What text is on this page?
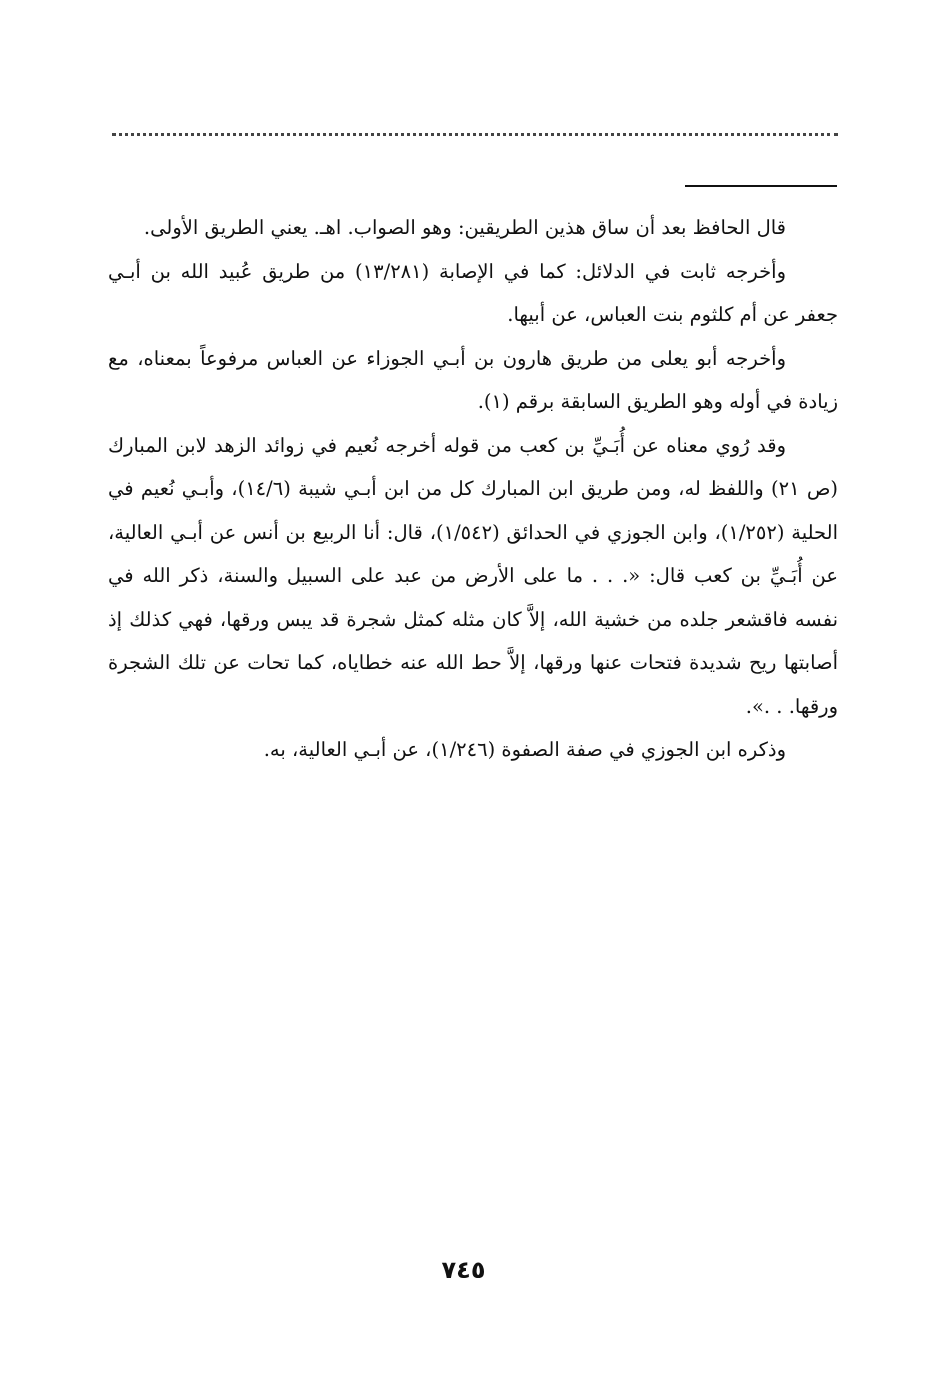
قال الحافظ بعد أن ساق هذين الطريقين: وهو الصواب. اهـ. يعني الطريق الأولى.

وأخرجه ثابت في الدلائل: كما في الإصابة (١٣/٢٨١) من طريق عُبيد الله بن أبـي جعفر عن أم كلثوم بنت العباس، عن أبيها.

وأخرجه أبو يعلى من طريق هارون بن أبـي الجوزاء عن العباس مرفوعاً بمعناه، مع زيادة في أوله وهو الطريق السابقة برقم (١).

وقد رُوي معناه عن أُبَـيِّ بن كعب من قوله أخرجه نُعيم في زوائد الزهد لابن المبارك (ص ٢١) واللفظ له، ومن طريق ابن المبارك كل من ابن أبـي شيبة (١٤/٦)، وأبـي نُعيم في الحلية (١/٢٥٢)، وابن الجوزي في الحدائق (١/٥٤٢)، قال: أنا الربيع بن أنس عن أبـي العالية، عن أُبَـيِّ بن كعب قال: «. . . ما على الأرض من عبد على السبيل والسنة، ذكر الله في نفسه فاقشعر جلده من خشية الله، إلاَّ كان مثله كمثل شجرة قد يبس ورقها، فهي كذلك إذ أصابتها ريح شديدة فتحات عنها ورقها، إلاَّ حط الله عنه خطاياه، كما تحات عن تلك الشجرة ورقها. . .».

وذكره ابن الجوزي في صفة الصفوة (١/٢٤٦)، عن أبـي العالية، به.

٧٤٥
